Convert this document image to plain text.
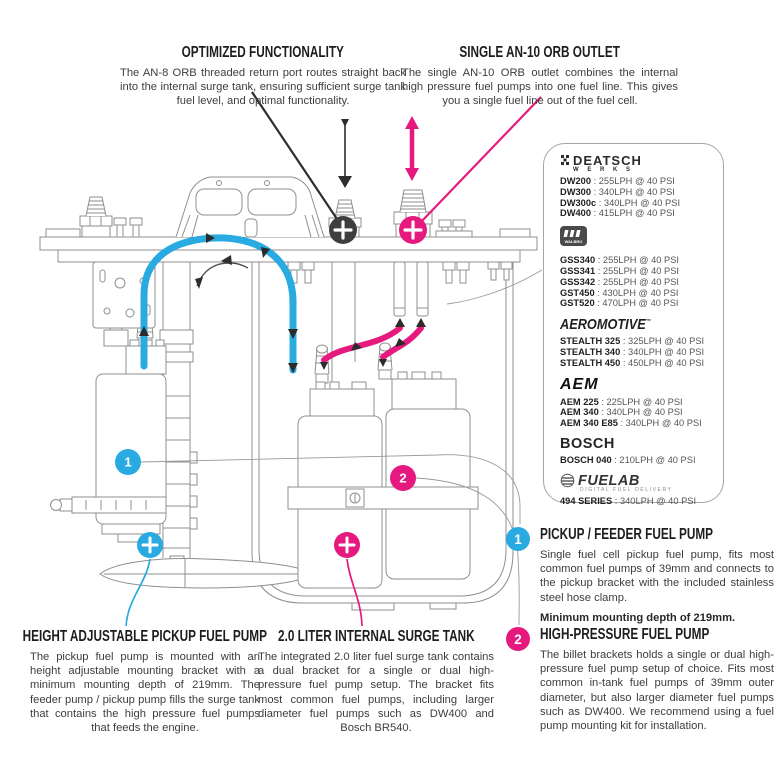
1
2
OPTIMIZED FUNCTIONALITY

The AN-8 ORB threaded return port routes straight back into the internal surge tank, ensuring sufficient surge tank fuel level, and optimal functionality.

SINGLE AN-10 ORB OUTLET

The single AN-10 ORB outlet combines the internal high pressure fuel pumps into one fuel line. This gives you a single fuel line out of the fuel cell.

HEIGHT ADJUSTABLE PICKUP FUEL PUMP

The pickup fuel pump is mounted with an height adjustable mounting bracket with a minimum mounting depth of 219mm. The feeder pump / pickup pump fills the surge tank that contains the high pressure fuel pumps that feeds the engine.

2.0 LITER INTERNAL SURGE TANK

The integrated 2.0 liter fuel surge tank contains a dual bracket for a single or dual high-pressure fuel pump setup. The bracket fits most common fuel pumps, including larger diameter fuel pumps such as DW400 and Bosch BR540.

1	PICKUP / FEEDER FUEL PUMP

Single fuel cell pickup fuel pump, fits most common fuel pumps of 39mm and connects to the pickup bracket with the included stainless steel hose clamp.

Minimum mounting depth of 219mm.

2	HIGH-PRESSURE FUEL PUMP

The billet brackets holds a single or dual high-pressure fuel pump setup of choice. Fits most common in-tank fuel pumps of 39mm outer diameter, but also larger diameter fuel pumps such as DW400. We recommend using a fuel pump mounting kit for installation.

DEATSCH
W E R K S
DW200 : 255LPH @ 40 PSI
DW300 : 340LPH @ 40 PSI
DW300c : 340LPH @ 40 PSI
DW400 : 415LPH @ 40 PSI
WALBRO
GSS340 : 255LPH @ 40 PSI
GSS341 : 255LPH @ 40 PSI
GSS342 : 255LPH @ 40 PSI
GST450 : 430LPH @ 40 PSI
GST520 : 470LPH @ 40 PSI
AEROMOTIVE™
STEALTH 325 : 325LPH @ 40 PSI
STEALTH 340 : 340LPH @ 40 PSI
STEALTH 450 : 450LPH @ 40 PSI
AEM
AEM 225 : 225LPH @ 40 PSI
AEM 340 : 340LPH @ 40 PSI
AEM 340 E85 : 340LPH @ 40 PSI
BOSCH
BOSCH 040 : 210LPH @ 40 PSI
FUELAB
DIGITAL FUEL DELIVERY
494 SERIES : 340LPH @ 40 PSI
